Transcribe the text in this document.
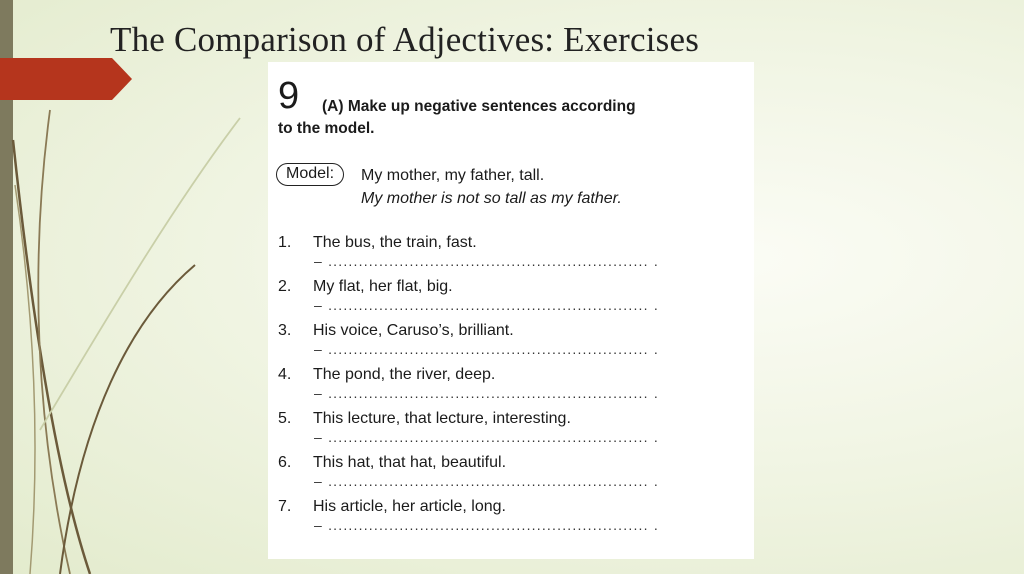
The Comparison of Adjectives: Exercises
9	(A) Make up negative sentences according
to the model.
Model:	My mother, my father, tall.
My mother is not so tall as my father.
1. The bus, the train, fast.
– ............................................................... .
2. My flat, her flat, big.
– ............................................................... .
3. His voice, Caruso’s, brilliant.
– ............................................................... .
4. The pond, the river, deep.
– ............................................................... .
5. This lecture, that lecture, interesting.
– ............................................................... .
6. This hat, that hat, beautiful.
– ............................................................... .
7. His article, her article, long.
– ............................................................... .
